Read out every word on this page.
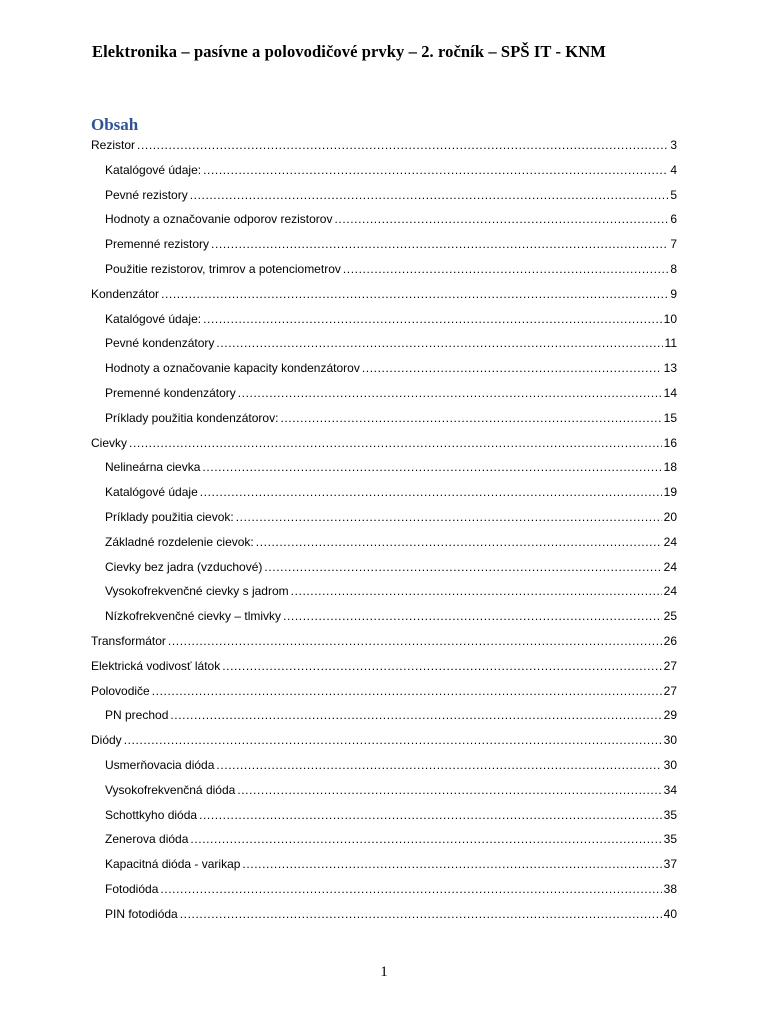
Elektronika – pasívne a polovodičové prvky – 2. ročník – SPŠ IT - KNM
Obsah
Rezistor .....	3
Katalógové údaje: .....	4
Pevné rezistory .....	5
Hodnoty a označovanie odporov rezistorov .....	6
Premenné rezistory .....	7
Použitie rezistorov, trimrov a potenciometrov .....	8
Kondenzátor .....	9
Katalógové údaje: .....	10
Pevné kondenzátory .....	11
Hodnoty a označovanie kapacity kondenzátorov .....	13
Premenné kondenzátory .....	14
Príklady použitia kondenzátorov: .....	15
Cievky .....	16
Nelineárna cievka .....	18
Katalógové údaje .....	19
Príklady použitia cievok: .....	20
Základné rozdelenie cievok: .....	24
Cievky bez jadra (vzduchové) .....	24
Vysokofrekvenčné cievky s jadrom .....	24
Nízkofrekvenčné cievky – tlmivky .....	25
Transformátor .....	26
Elektrická vodivosť látok .....	27
Polovodiče .....	27
PN prechod .....	29
Diódy .....	30
Usmerňovacia dióda .....	30
Vysokofrekvenčná dióda .....	34
Schottkyho dióda .....	35
Zenerova dióda .....	35
Kapacitná dióda - varikap .....	37
Fotodióda .....	38
PIN fotodióda .....	40
1
